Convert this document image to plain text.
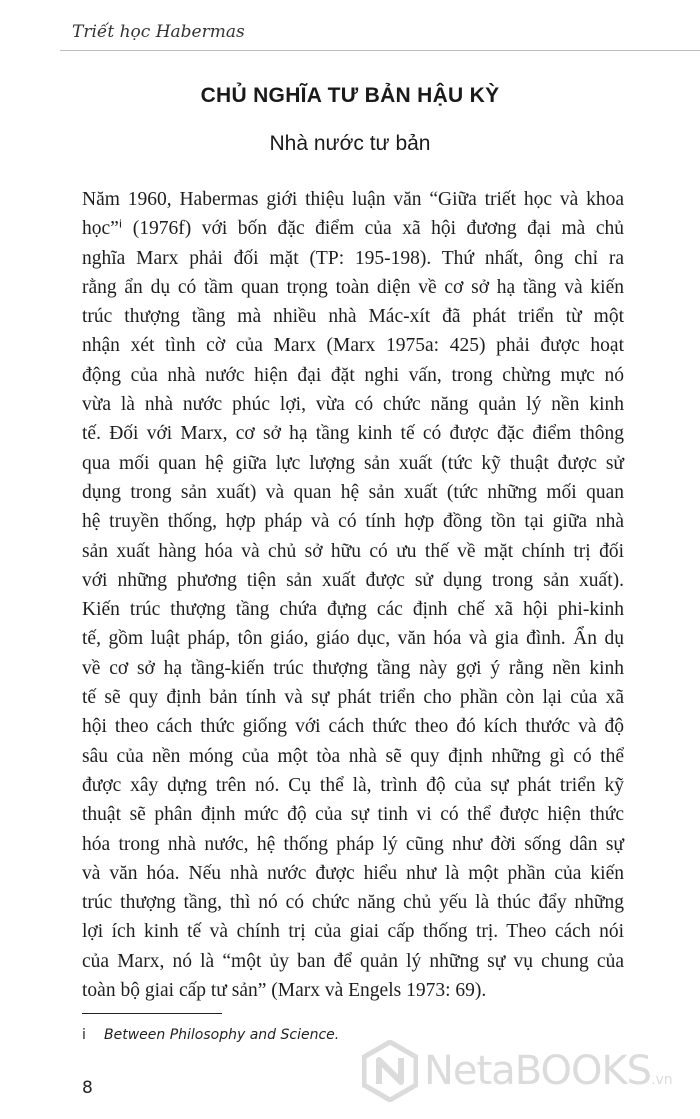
Triết học Habermas
CHỦ NGHĨA TƯ BẢN HẬU KỲ
Nhà nước tư bản
Năm 1960, Habermas giới thiệu luận văn “Giữa triết học và khoa
học”ⁱ (1976f) với bốn đặc điểm của xã hội đương đại mà chủ
nghĩa Marx phải đối mặt (TP: 195-198). Thứ nhất, ông chỉ ra
rằng ẩn dụ có tầm quan trọng toàn diện về cơ sở hạ tầng và kiến
trúc thượng tầng mà nhiều nhà Mác-xít đã phát triển từ một
nhận xét tình cờ của Marx (Marx 1975a: 425) phải được hoạt
động của nhà nước hiện đại đặt nghi vấn, trong chừng mực nó
vừa là nhà nước phúc lợi, vừa có chức năng quản lý nền kinh
tế. Đối với Marx, cơ sở hạ tầng kinh tế có được đặc điểm thông
qua mối quan hệ giữa lực lượng sản xuất (tức kỹ thuật được sử
dụng trong sản xuất) và quan hệ sản xuất (tức những mối quan
hệ truyền thống, hợp pháp và có tính hợp đồng tồn tại giữa nhà
sản xuất hàng hóa và chủ sở hữu có ưu thế về mặt chính trị đối
với những phương tiện sản xuất được sử dụng trong sản xuất).
Kiến trúc thượng tầng chứa đựng các định chế xã hội phi-kinh
tế, gồm luật pháp, tôn giáo, giáo dục, văn hóa và gia đình. Ẩn dụ
về cơ sở hạ tầng-kiến trúc thượng tầng này gợi ý rằng nền kinh
tế sẽ quy định bản tính và sự phát triển cho phần còn lại của xã
hội theo cách thức giống với cách thức theo đó kích thước và độ
sâu của nền móng của một tòa nhà sẽ quy định những gì có thể
được xây dựng trên nó. Cụ thể là, trình độ của sự phát triển kỹ
thuật sẽ phân định mức độ của sự tinh vi có thể được hiện thức
hóa trong nhà nước, hệ thống pháp lý cũng như đời sống dân sự
và văn hóa. Nếu nhà nước được hiểu như là một phần của kiến
trúc thượng tầng, thì nó có chức năng chủ yếu là thúc đẩy những
lợi ích kinh tế và chính trị của giai cấp thống trị. Theo cách nói
của Marx, nó là “một ủy ban để quản lý những sự vụ chung của
toàn bộ giai cấp tư sản” (Marx và Engels 1973: 69).
i Between Philosophy and Science.
8	NetaBOOKS.vn
